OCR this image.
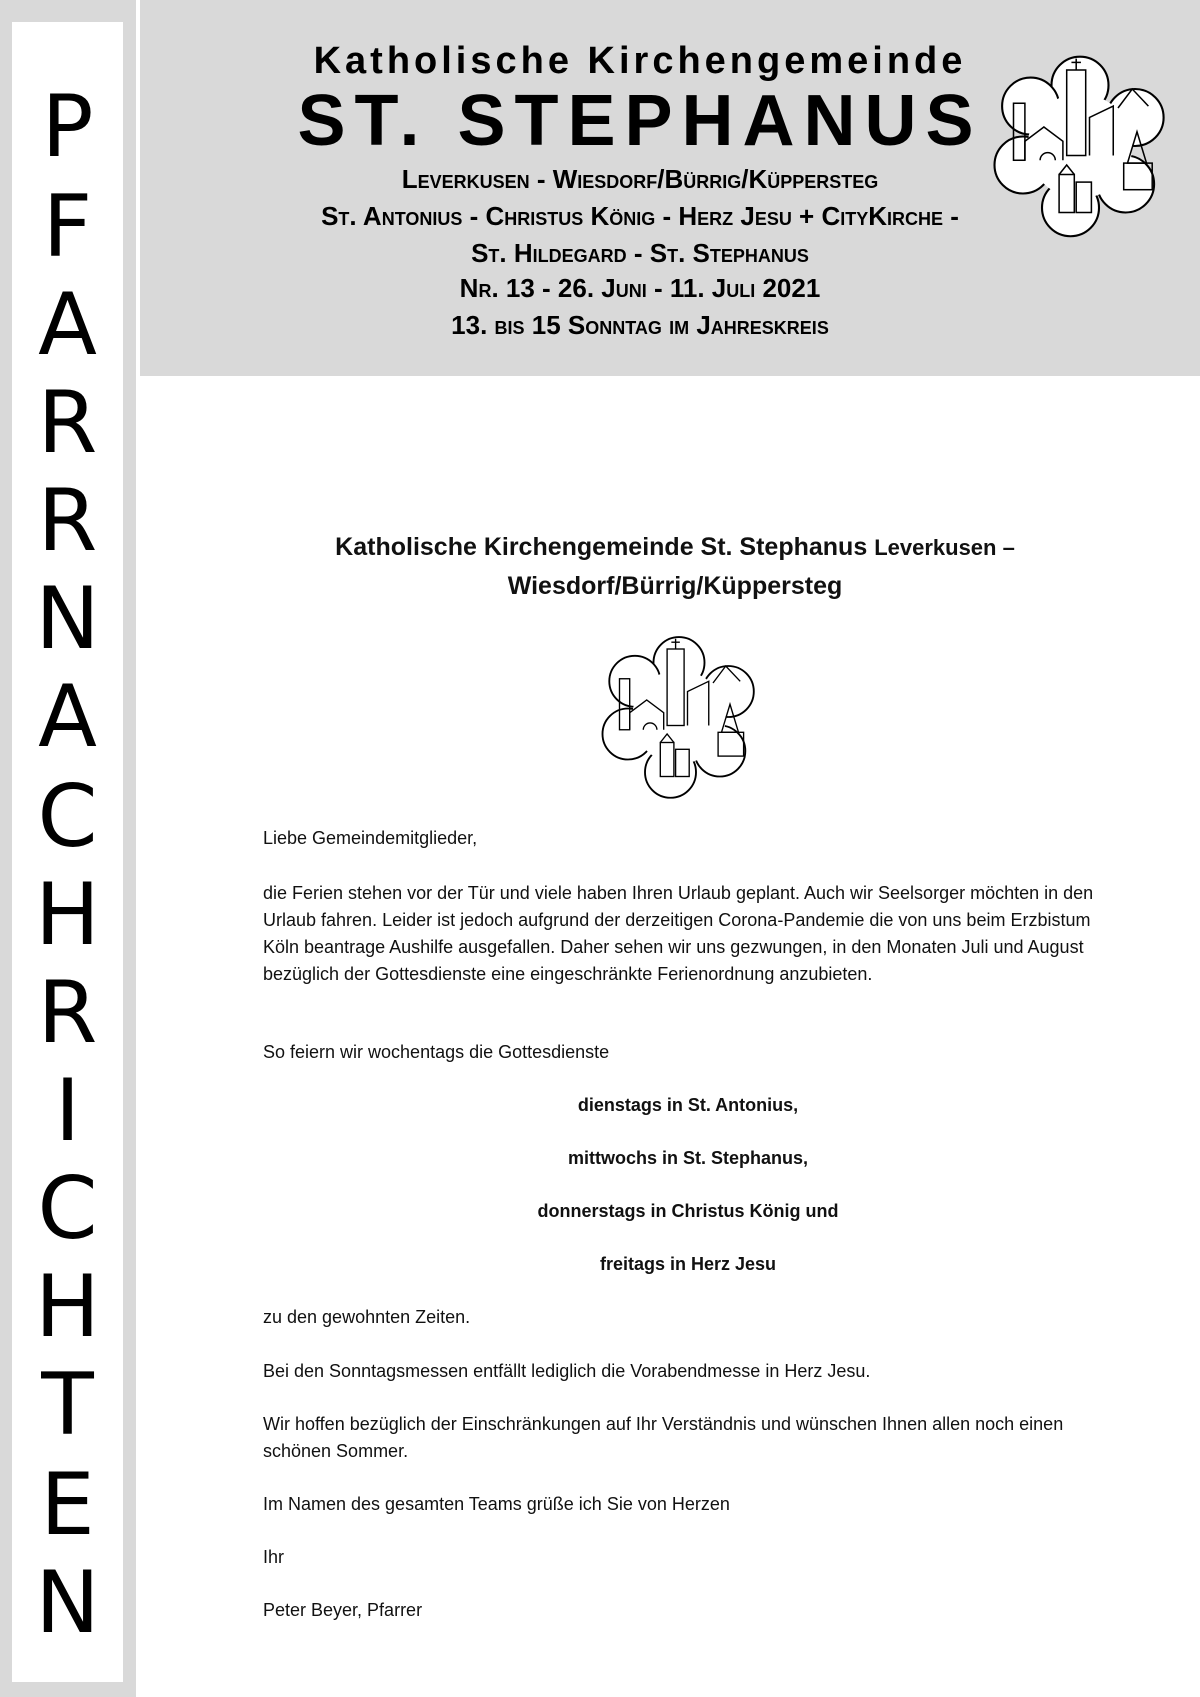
P
F
A
R
R
N
A
C
H
R
I
C
H
T
E
N
Katholische Kirchengemeinde
ST. STEPHANUS
Leverkusen - Wiesdorf/Bürrig/Küppersteg
St. Antonius - Christus König - Herz Jesu + CityKirche -
St. Hildegard - St. Stephanus
Nr. 13 - 26. Juni - 11. Juli 2021
13. bis 15 Sonntag im Jahreskreis
Katholische Kirchengemeinde St. Stephanus Leverkusen –
Wiesdorf/Bürrig/Küppersteg
Liebe Gemeindemitglieder,
die Ferien stehen vor der Tür und viele haben Ihren Urlaub geplant. Auch wir Seelsorger möchten in den Urlaub fahren. Leider ist jedoch aufgrund der derzeitigen Corona-Pandemie die von uns beim Erzbistum Köln beantrage Aushilfe ausgefallen. Daher sehen wir uns gezwungen, in den Monaten Juli und August bezüglich der Gottesdienste eine eingeschränkte Ferienordnung anzubieten.
So feiern wir wochentags die Gottesdienste
dienstags in St. Antonius,
mittwochs in St. Stephanus,
donnerstags in Christus König und
freitags in Herz Jesu
zu den gewohnten Zeiten.
Bei den Sonntagsmessen entfällt lediglich die Vorabendmesse in Herz Jesu.
Wir hoffen bezüglich der Einschränkungen auf Ihr Verständnis und wünschen Ihnen allen noch einen schönen Sommer.
Im Namen des gesamten Teams grüße ich Sie von Herzen
Ihr
Peter Beyer, Pfarrer
